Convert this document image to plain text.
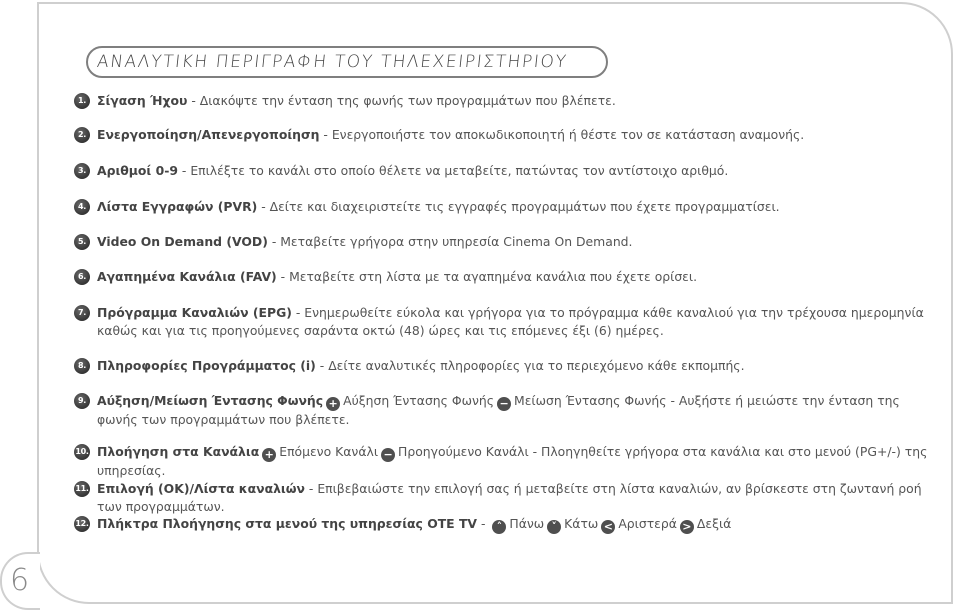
6
ΑΝΑΛΥΤΙΚΗ ΠΕΡΙΓΡΑΦΗ ΤΟΥ ΤΗΛΕΧΕΙΡΙΣΤΗΡΙΟΥ
1. Σίγαση Ήχου - Διακόψτε την ένταση της φωνής των προγραμμάτων που βλέπετε.
2. Ενεργοποίηση/Απενεργοποίηση - Ενεργοποιήστε τον αποκωδικοποιητή ή θέστε τον σε κατάσταση αναμονής.
3. Αριθμοί 0-9 - Επιλέξτε το κανάλι στο οποίο θέλετε να μεταβείτε, πατώντας τον αντίστοιχο αριθμό.
4. Λίστα Εγγραφών (PVR) - Δείτε και διαχειριστείτε τις εγγραφές προγραμμάτων που έχετε προγραμματίσει.
5. Video On Demand (VOD) - Μεταβείτε γρήγορα στην υπηρεσία Cinema On Demand.
6. Αγαπημένα Κανάλια (FAV) - Μεταβείτε στη λίστα με τα αγαπημένα κανάλια που έχετε ορίσει.
7. Πρόγραμμα Καναλιών (EPG) - Ενημερωθείτε εύκολα και γρήγορα για το πρόγραμμα κάθε καναλιού για την τρέχουσα ημερομηνία καθώς και για τις προηγούμενες σαράντα οκτώ (48) ώρες και τις επόμενες έξι (6) ημέρες.
8. Πληροφορίες Προγράμματος (i) - Δείτε αναλυτικές πληροφορίες για το περιεχόμενο κάθε εκπομπής.
9. Αύξηση/Μείωση Έντασης Φωνής + Αύξηση Έντασης Φωνής − Μείωση Έντασης Φωνής - Αυξήστε ή μειώστε την ένταση της φωνής των προγραμμάτων που βλέπετε.
10. Πλοήγηση στα Κανάλια + Επόμενο Κανάλι − Προηγούμενο Κανάλι - Πλοηγηθείτε γρήγορα στα κανάλια και στο μενού (PG+/-) της υπηρεσίας.
11. Επιλογή (OK)/Λίστα καναλιών - Επιβεβαιώστε την επιλογή σας ή μεταβείτε στη λίστα καναλιών, αν βρίσκεστε στη ζωντανή ροή των προγραμμάτων.
12. Πλήκτρα Πλοήγησης στα μενού της υπηρεσίας OTE TV - ˄ Πάνω ˅ Κάτω < Αριστερά > Δεξιά
